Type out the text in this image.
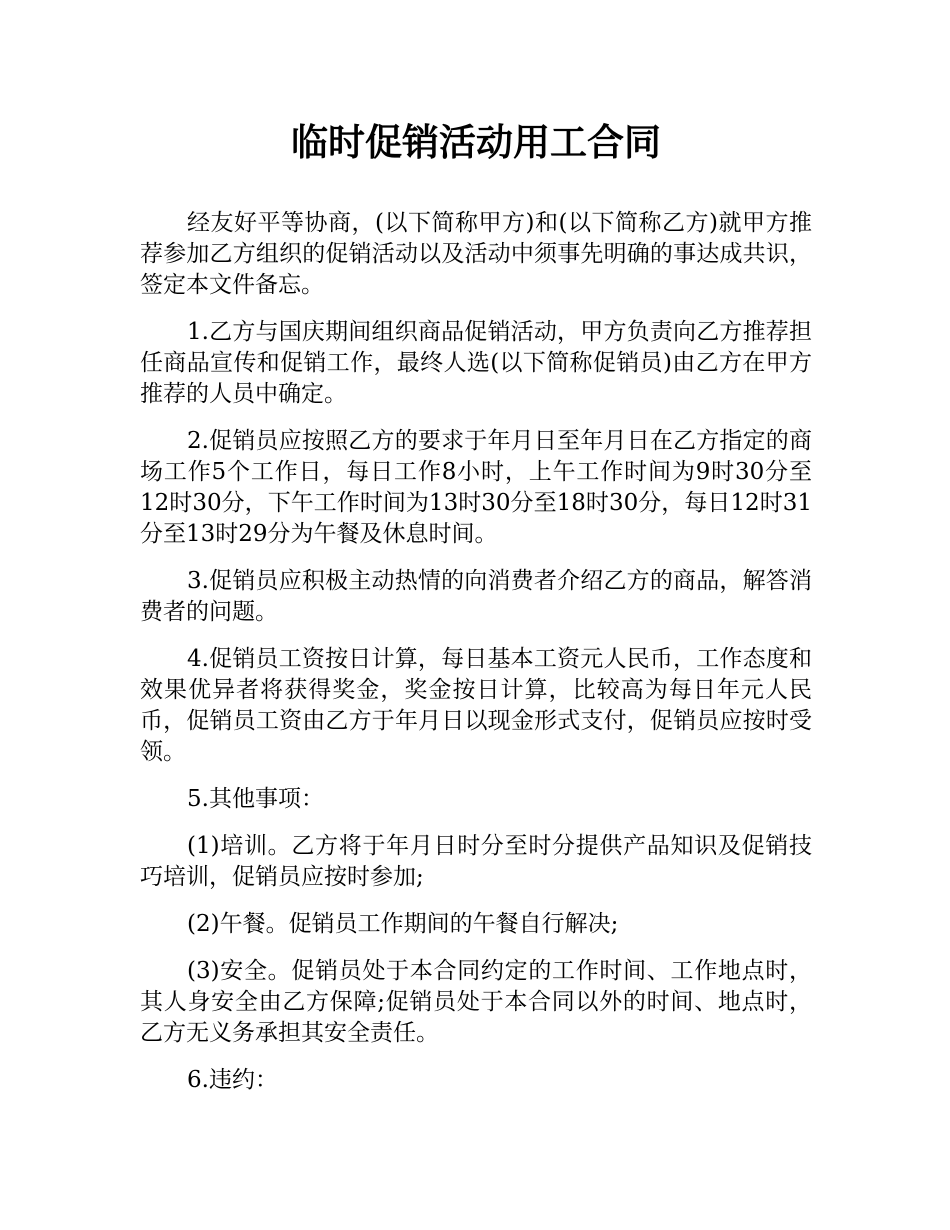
临时促销活动用工合同

经友好平等协商，(以下简称甲方)和(以下简称乙方)就甲方推荐参加乙方组织的促销活动以及活动中须事先明确的事达成共识，签定本文件备忘。

1.乙方与国庆期间组织商品促销活动，甲方负责向乙方推荐担任商品宣传和促销工作，最终人选(以下简称促销员)由乙方在甲方推荐的人员中确定。

2.促销员应按照乙方的要求于年月日至年月日在乙方指定的商场工作5个工作日，每日工作8小时，上午工作时间为9时30分至12时30分，下午工作时间为13时30分至18时30分，每日12时31分至13时29分为午餐及休息时间。

3.促销员应积极主动热情的向消费者介绍乙方的商品，解答消费者的问题。

4.促销员工资按日计算，每日基本工资元人民币，工作态度和效果优异者将获得奖金，奖金按日计算，比较高为每日年元人民币，促销员工资由乙方于年月日以现金形式支付，促销员应按时受领。

5.其他事项：

(1)培训。乙方将于年月日时分至时分提供产品知识及促销技巧培训，促销员应按时参加;

(2)午餐。促销员工作期间的午餐自行解决;

(3)安全。促销员处于本合同约定的工作时间、工作地点时，其人身安全由乙方保障;促销员处于本合同以外的时间、地点时，乙方无义务承担其安全责任。

6.违约：
